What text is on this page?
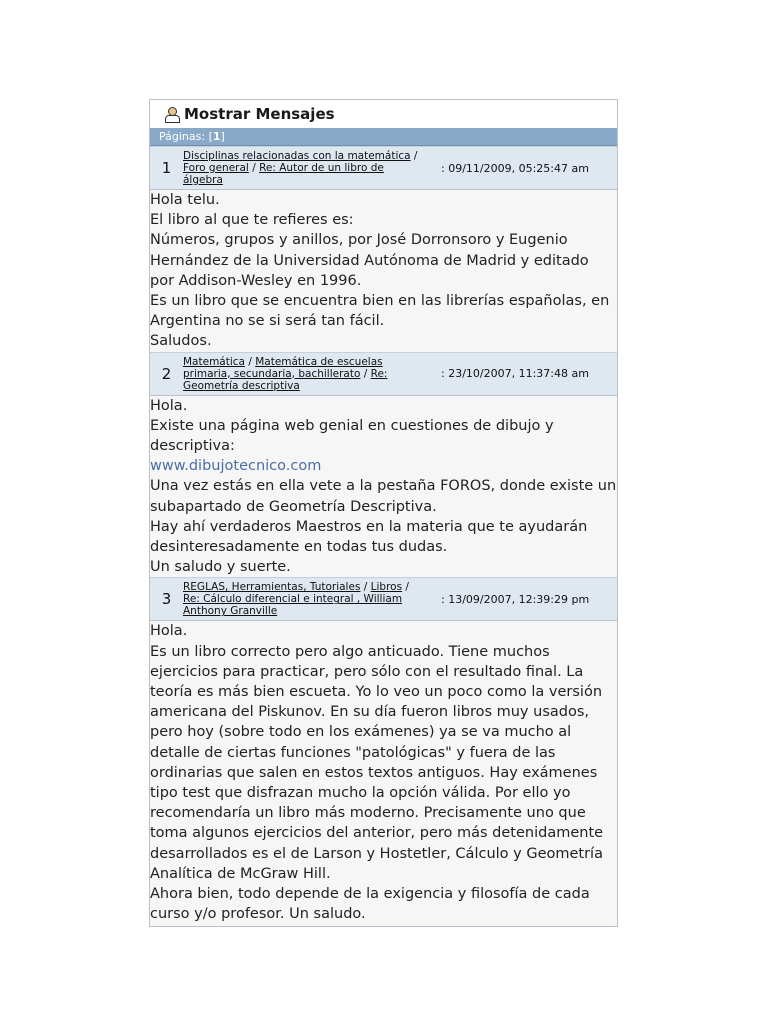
Mostrar Mensajes
Páginas: [ 1 ]
1
Disciplinas relacionadas con la matemática / Foro general / Re: Autor de un libro de álgebra
: 09/11/2009, 05:25:47 am

Hola telu.

El libro al que te refieres es:

Números, grupos y anillos, por José Dorronsoro y Eugenio Hernández de la Universidad Autónoma de Madrid y editado por Addison-Wesley en 1996.

Es un libro que se encuentra bien en las librerías españolas, en Argentina no se si será tan fácil.

Saludos.

2
Matemática / Matemática de escuelas primaria, secundaria, bachillerato / Re: Geometría descriptiva
: 23/10/2007, 11:37:48 am

Hola.

Existe una página web genial en cuestiones de dibujo y descriptiva:

www.dibujotecnico.com

Una vez estás en ella vete a la pestaña FOROS, donde existe un subapartado de Geometría Descriptiva.

Hay ahí verdaderos Maestros en la materia que te ayudarán desinteresadamente en todas tus dudas.

Un saludo y suerte.

3
REGLAS, Herramientas, Tutoriales / Libros / Re: Cálculo diferencial e integral , William Anthony Granville
: 13/09/2007, 12:39:29 pm

Hola.

Es un libro correcto pero algo anticuado. Tiene muchos ejercicios para practicar, pero sólo con el resultado final. La teoría es más bien escueta. Yo lo veo un poco como la versión americana del Piskunov. En su día fueron libros muy usados, pero hoy (sobre todo en los exámenes) ya se va mucho al detalle de ciertas funciones "patológicas" y fuera de las ordinarias que salen en estos textos antiguos. Hay exámenes tipo test que disfrazan mucho la opción válida. Por ello yo recomendaría un libro más moderno. Precisamente uno que toma algunos ejercicios del anterior, pero más detenidamente desarrollados es el de Larson y Hostetler, Cálculo y Geometría Analítica de McGraw Hill.

Ahora bien, todo depende de la exigencia y filosofía de cada curso y/o profesor. Un saludo.
